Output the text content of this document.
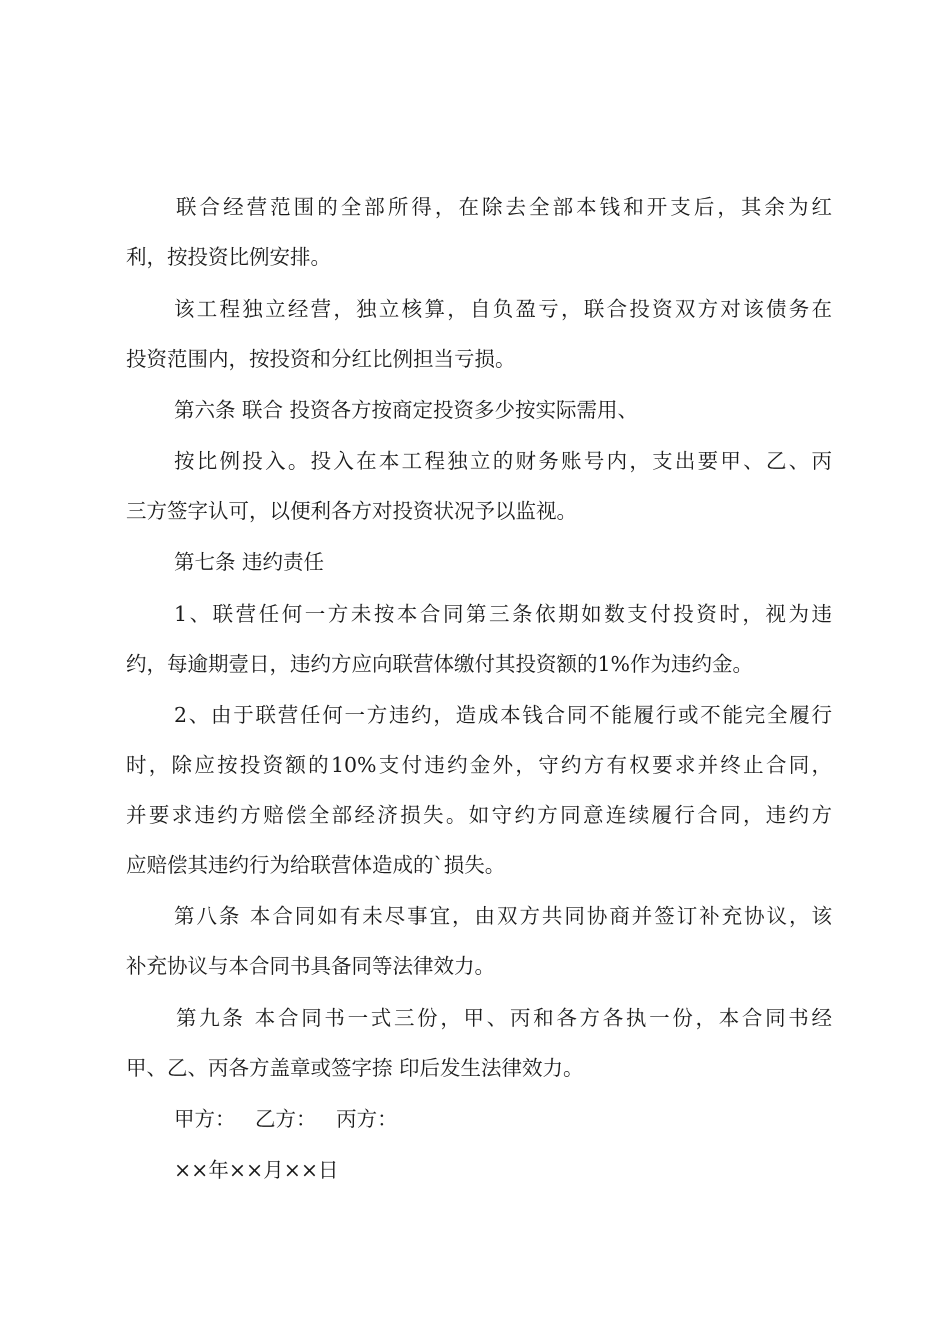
联合经营范围的全部所得，在除去全部本钱和开支后，其余为红
利，按投资比例安排。
该工程独立经营，独立核算，自负盈亏，联合投资双方对该债务在
投资范围内，按投资和分红比例担当亏损。
第六条 联合 投资各方按商定投资多少按实际需用、
按比例投入。投入在本工程独立的财务账号内，支出要甲、乙、丙
三方签字认可，以便利各方对投资状况予以监视。
第七条 违约责任
1、联营任何一方未按本合同第三条依期如数支付投资时，视为违
约，每逾期壹日，违约方应向联营体缴付其投资额的1%作为违约金。
2、由于联营任何一方违约，造成本钱合同不能履行或不能完全履行
时，除应按投资额的10%支付违约金外，守约方有权要求并终止合同，
并要求违约方赔偿全部经济损失。如守约方同意连续履行合同，违约方
应赔偿其违约行为给联营体造成的`损失。
第八条 本合同如有未尽事宜，由双方共同协商并签订补充协议，该
补充协议与本合同书具备同等法律效力。
第九条 本合同书一式三份，甲、丙和各方各执一份，本合同书经
甲、乙、丙各方盖章或签字捺 印后发生法律效力。
甲方：   乙方：   丙方：
××年××月××日
